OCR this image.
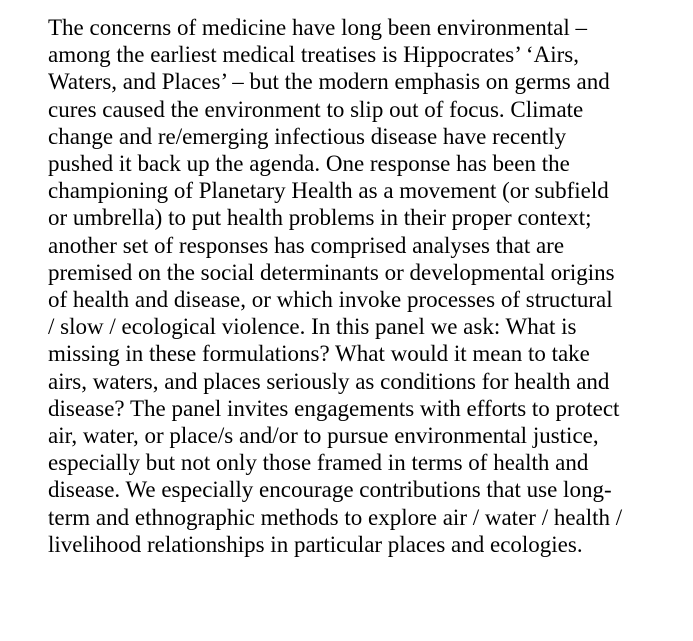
The concerns of medicine have long been environmental –
among the earliest medical treatises is Hippocrates’ ‘Airs,
Waters, and Places’ – but the modern emphasis on germs and
cures caused the environment to slip out of focus. Climate
change and re/emerging infectious disease have recently
pushed it back up the agenda. One response has been the
championing of Planetary Health as a movement (or subfield
or umbrella) to put health problems in their proper context;
another set of responses has comprised analyses that are
premised on the social determinants or developmental origins
of health and disease, or which invoke processes of structural
/ slow / ecological violence. In this panel we ask: What is
missing in these formulations? What would it mean to take
airs, waters, and places seriously as conditions for health and
disease? The panel invites engagements with efforts to protect
air, water, or place/s and/or to pursue environmental justice,
especially but not only those framed in terms of health and
disease. We especially encourage contributions that use long-
term and ethnographic methods to explore air / water / health /
livelihood relationships in particular places and ecologies.
